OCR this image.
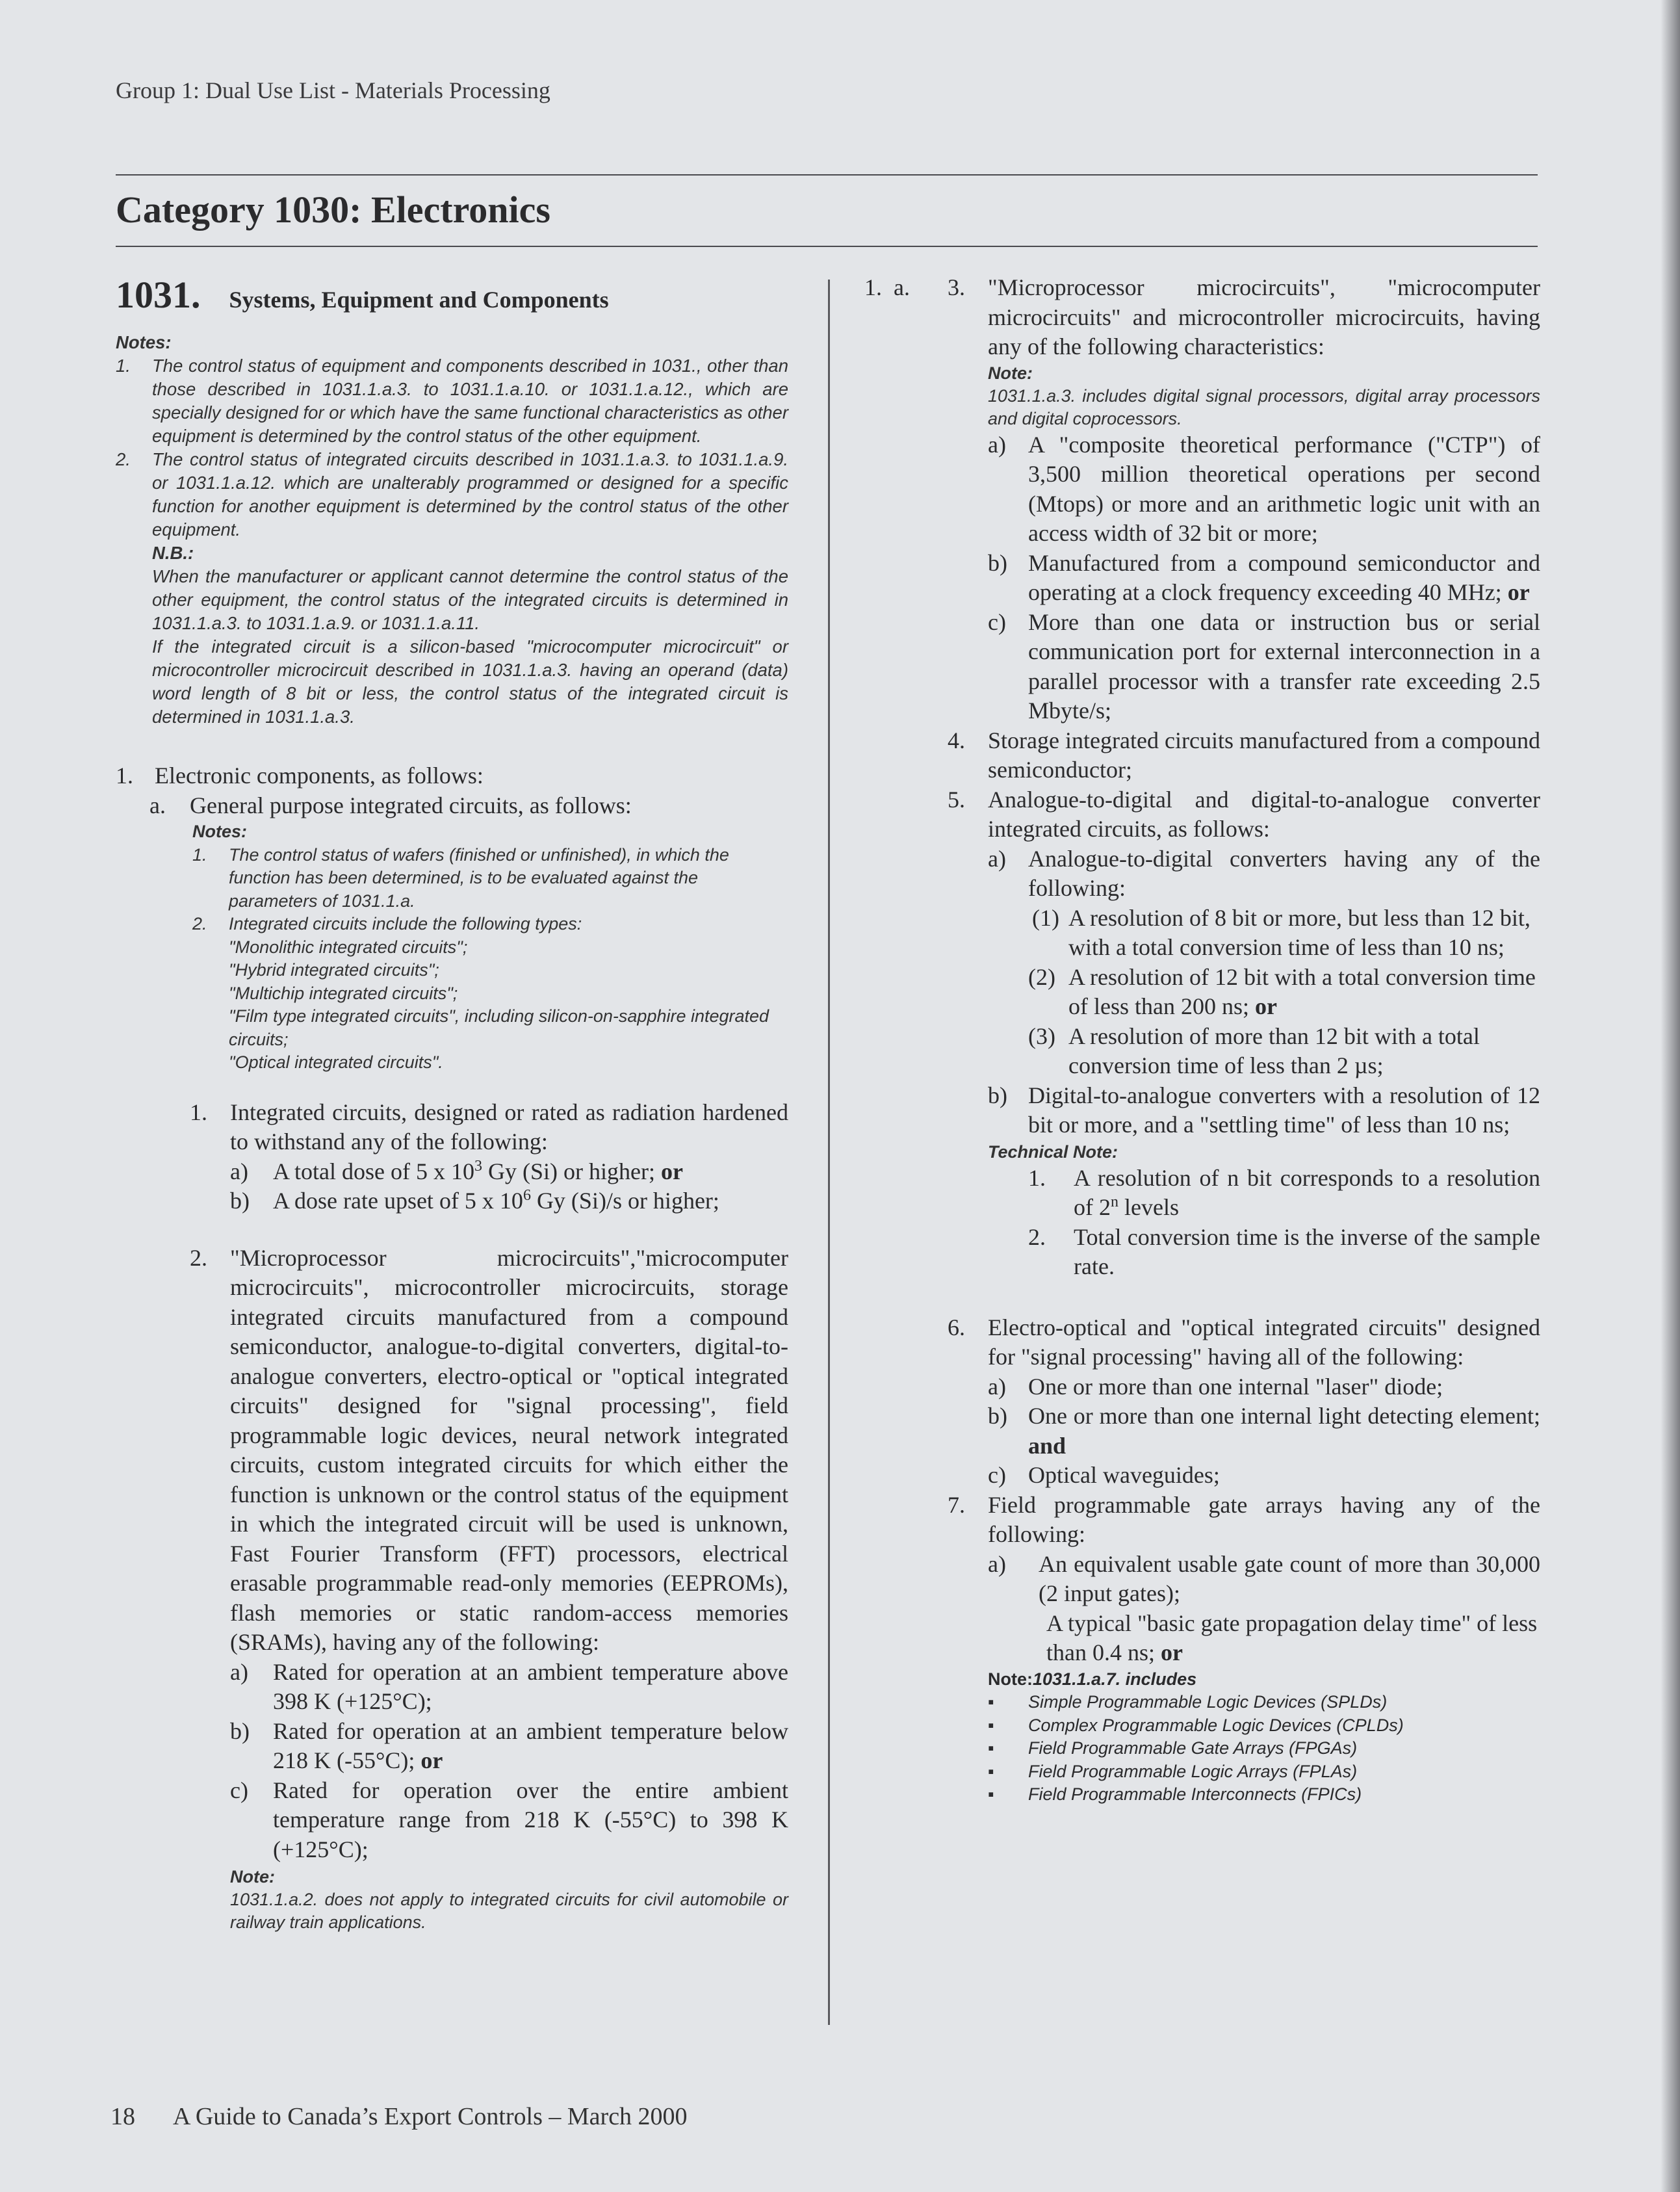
Group 1: Dual Use List - Materials Processing
Category 1030: Electronics
1031. Systems, Equipment and Components
Notes:
1.	The control status of equipment and components described in 1031., other than those described in 1031.1.a.3. to 1031.1.a.10. or 1031.1.a.12., which are specially designed for or which have the same functional characteristics as other equipment is determined by the control status of the other equipment.
2.	The control status of integrated circuits described in 1031.1.a.3. to 1031.1.a.9. or 1031.1.a.12. which are unalterably programmed or designed for a specific function for another equipment is determined by the control status of the other equipment.
N.B.:
When the manufacturer or applicant cannot determine the control status of the other equipment, the control status of the integrated circuits is determined in 1031.1.a.3. to 1031.1.a.9. or 1031.1.a.11.
If the integrated circuit is a silicon-based "microcomputer microcircuit" or microcontroller microcircuit described in 1031.1.a.3. having an operand (data) word length of 8 bit or less, the control status of the integrated circuit is determined in 1031.1.a.3.
1. Electronic components, as follows:
a.	General purpose integrated circuits, as follows:
Notes:
1.	The control status of wafers (finished or unfinished), in which the function has been determined, is to be evaluated against the parameters of 1031.1.a.
2.	Integrated circuits include the following types:
"Monolithic integrated circuits";
"Hybrid integrated circuits";
"Multichip integrated circuits";
"Film type integrated circuits", including silicon-on-sapphire integrated circuits;
"Optical integrated circuits".
1. Integrated circuits, designed or rated as radiation hardened to withstand any of the following:
a)	A total dose of 5 x $10^3$ Gy (Si) or higher; or
b)	A dose rate upset of 5 x $10^6$ Gy (Si)/s or higher;
2. "Microprocessor microcircuits","microcomputer microcircuits", microcontroller microcircuits, storage integrated circuits manufactured from a compound semiconductor, analogue-to-digital converters, digital-to-analogue converters, electro-optical or "optical integrated circuits" designed for "signal processing", field programmable logic devices, neural network integrated circuits, custom integrated circuits for which either the function is unknown or the control status of the equipment in which the integrated circuit will be used is unknown, Fast Fourier Transform (FFT) processors, electrical erasable programmable read-only memories (EEPROMs), flash memories or static random-access memories (SRAMs), having any of the following:
a)	Rated for operation at an ambient temperature above 398 K (+125°C);
b)	Rated for operation at an ambient temperature below 218 K (-55°C); or
c)	Rated for operation over the entire ambient temperature range from 218 K (-55°C) to 398 K (+125°C);
Note:
1031.1.a.2. does not apply to integrated circuits for civil automobile or railway train applications.
1.  a.	3. "Microprocessor microcircuits", "microcomputer microcircuits" and microcontroller microcircuits, having any of the following characteristics:
Note:
1031.1.a.3. includes digital signal processors, digital array processors and digital coprocessors.
a) A "composite theoretical performance ("CTP") of 3,500 million theoretical operations per second (Mtops) or more and an arithmetic logic unit with an access width of 32 bit or more;
b) Manufactured from a compound semiconductor and operating at a clock frequency exceeding 40 MHz; or
c) More than one data or instruction bus or serial communication port for external interconnection in a parallel processor with a transfer rate exceeding 2.5 Mbyte/s;
4. Storage integrated circuits manufactured from a compound semiconductor;
5. Analogue-to-digital and digital-to-analogue converter integrated circuits, as follows:
a) Analogue-to-digital converters having any of the following:
(1) A resolution of 8 bit or more, but less than 12 bit, with a total conversion time of less than 10 ns;
(2) A resolution of 12 bit with a total conversion time of less than 200 ns; or
(3) A resolution of more than 12 bit with a total conversion time of less than 2 µs;
b) Digital-to-analogue converters with a resolution of 12 bit or more, and a "settling time" of less than 10 ns;
Technical Note:
1.	A resolution of n bit corresponds to a resolution of 2$^n$ levels
2.	Total conversion time is the inverse of the sample rate.
6. Electro-optical and "optical integrated circuits" designed for "signal processing" having all of the following:
a) One or more than one internal "laser" diode;
b) One or more than one internal light detecting element; and
c) Optical waveguides;
7. Field programmable gate arrays having any of the following:
a)	An equivalent usable gate count of more than 30,000 (2 input gates);
A typical "basic gate propagation delay time" of less than 0.4 ns; or
Note:1031.1.a.7. includes
▪	Simple Programmable Logic Devices (SPLDs)
▪	Complex Programmable Logic Devices (CPLDs)
▪	Field Programmable Gate Arrays (FPGAs)
▪	Field Programmable Logic Arrays (FPLAs)
▪	Field Programmable Interconnects (FPICs)
18 A Guide to Canada’s Export Controls – March 2000
